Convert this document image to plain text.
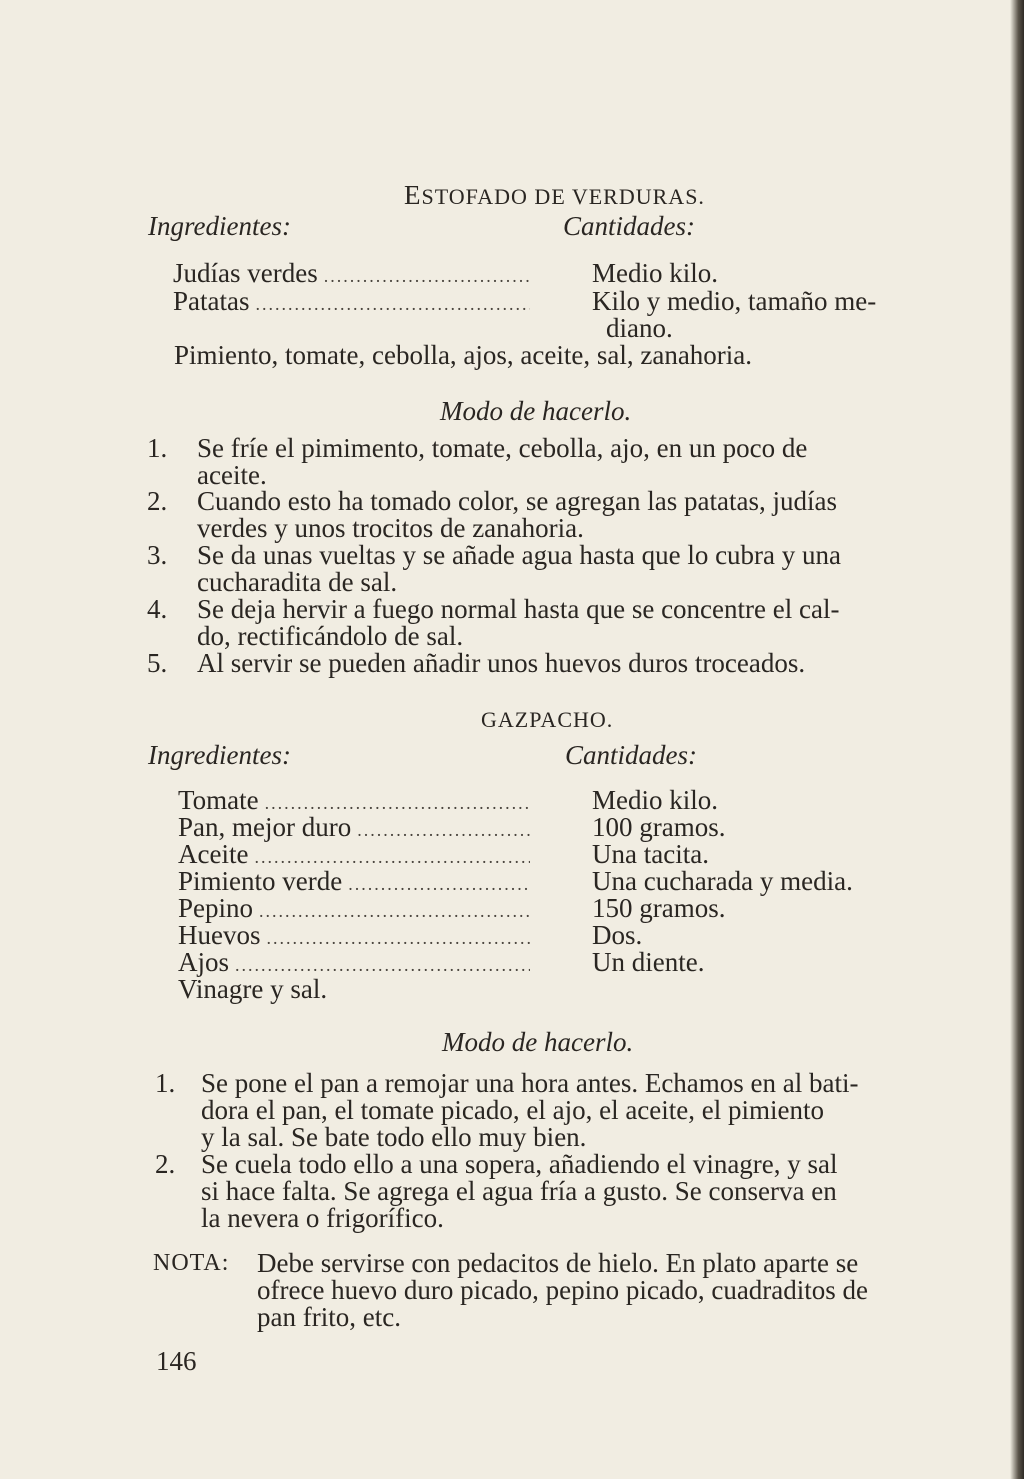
ESTOFADO DE VERDURAS.
Ingredientes:	Cantidades:
Judías verdes .....	Medio kilo.
Patatas .....	Kilo y medio, tamaño me-
diano.
Pimiento, tomate, cebolla, ajos, aceite, sal, zanahoria.
Modo de hacerlo.
1. Se fríe el pimimento, tomate, cebolla, ajo, en un poco de
aceite.
2. Cuando esto ha tomado color, se agregan las patatas, judías
verdes y unos trocitos de zanahoria.
3. Se da unas vueltas y se añade agua hasta que lo cubra y una
cucharadita de sal.
4. Se deja hervir a fuego normal hasta que se concentre el cal-
do, rectificándolo de sal.
5. Al servir se pueden añadir unos huevos duros troceados.
GAZPACHO.
Ingredientes:	Cantidades:
Tomate .....	Medio kilo.
Pan, mejor duro .....	100 gramos.
Aceite .....	Una tacita.
Pimiento verde .....	Una cucharada y media.
Pepino .....	150 gramos.
Huevos .....	Dos.
Ajos .....	Un diente.
Vinagre y sal.
Modo de hacerlo.
1. Se pone el pan a remojar una hora antes. Echamos en al bati-
dora el pan, el tomate picado, el ajo, el aceite, el pimiento
y la sal. Se bate todo ello muy bien.
2. Se cuela todo ello a una sopera, añadiendo el vinagre, y sal
si hace falta. Se agrega el agua fría a gusto. Se conserva en
la nevera o frigorífico.
NOTA: Debe servirse con pedacitos de hielo. En plato aparte se
ofrece huevo duro picado, pepino picado, cuadraditos de
pan frito, etc.
146
